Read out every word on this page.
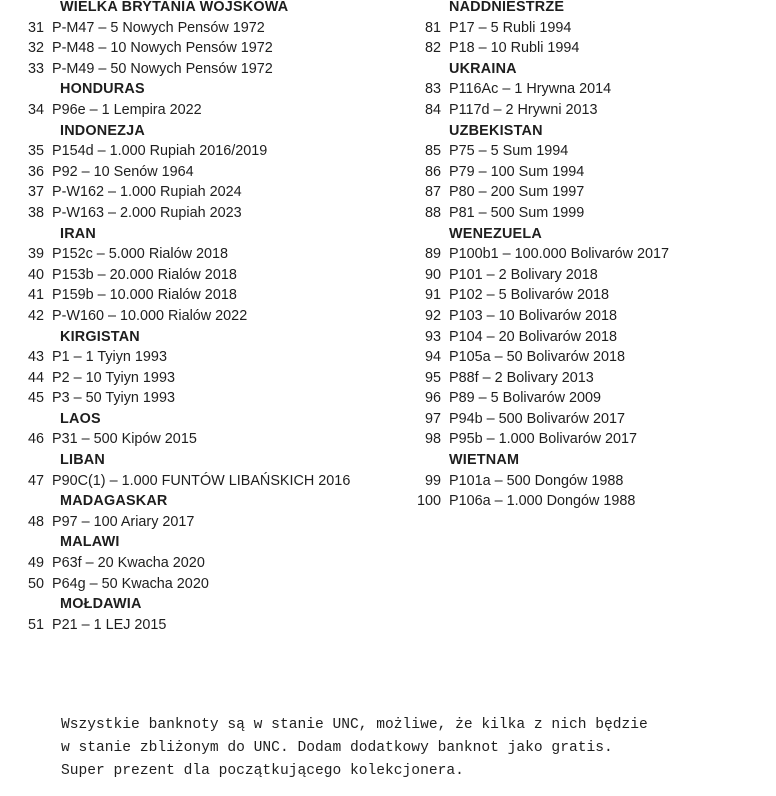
WIELKA BRYTANIA WOJSKOWA
31 P-M47 – 5 Nowych Pensów 1972
32 P-M48 – 10 Nowych Pensów 1972
33 P-M49 – 50 Nowych Pensów 1972
HONDURAS
34 P96e – 1 Lempira 2022
INDONEZJA
35 P154d – 1.000 Rupiah 2016/2019
36 P92 – 10 Senów 1964
37 P-W162 – 1.000 Rupiah 2024
38 P-W163 – 2.000 Rupiah 2023
IRAN
39 P152c – 5.000 Rialów 2018
40 P153b – 20.000 Rialów 2018
41 P159b – 10.000 Rialów 2018
42 P-W160 – 10.000 Rialów 2022
KIRGISTAN
43 P1 – 1 Tyiyn 1993
44 P2 – 10 Tyiyn 1993
45 P3 – 50 Tyiyn 1993
LAOS
46 P31 – 500 Kipów 2015
LIBAN
47 P90C(1) – 1.000 FUNTÓW LIBAŃSKICH 2016
MADAGASKAR
48 P97 – 100 Ariary 2017
MALAWI
49 P63f – 20 Kwacha 2020
50 P64g – 50 Kwacha 2020
MOŁDAWIA
51 P21 – 1 LEJ 2015
NADDNIESTRZE
81 P17 – 5 Rubli 1994
82 P18 – 10 Rubli 1994
UKRAINA
83 P116Ac – 1 Hrywna 2014
84 P117d – 2 Hrywni 2013
UZBEKISTAN
85 P75 – 5 Sum 1994
86 P79 – 100 Sum 1994
87 P80 – 200 Sum 1997
88 P81 – 500 Sum 1999
WENEZUELA
89 P100b1 – 100.000 Bolivarów 2017
90 P101 – 2 Bolivary 2018
91 P102 – 5 Bolivarów 2018
92 P103 – 10 Bolivarów 2018
93 P104 – 20 Bolivarów 2018
94 P105a – 50 Bolivarów 2018
95 P88f – 2 Bolivary 2013
96 P89 – 5 Bolivarów 2009
97 P94b – 500 Bolivarów 2017
98 P95b – 1.000 Bolivarów 2017
WIETNAM
99 P101a – 500 Dongów 1988
100 P106a – 1.000 Dongów 1988

Wszystkie banknoty są w stanie UNC, możliwe, że kilka z nich będzie

w stanie zbliżonym do UNC. Dodam dodatkowy banknot jako gratis.

Super prezent dla początkującego kolekcjonera.
